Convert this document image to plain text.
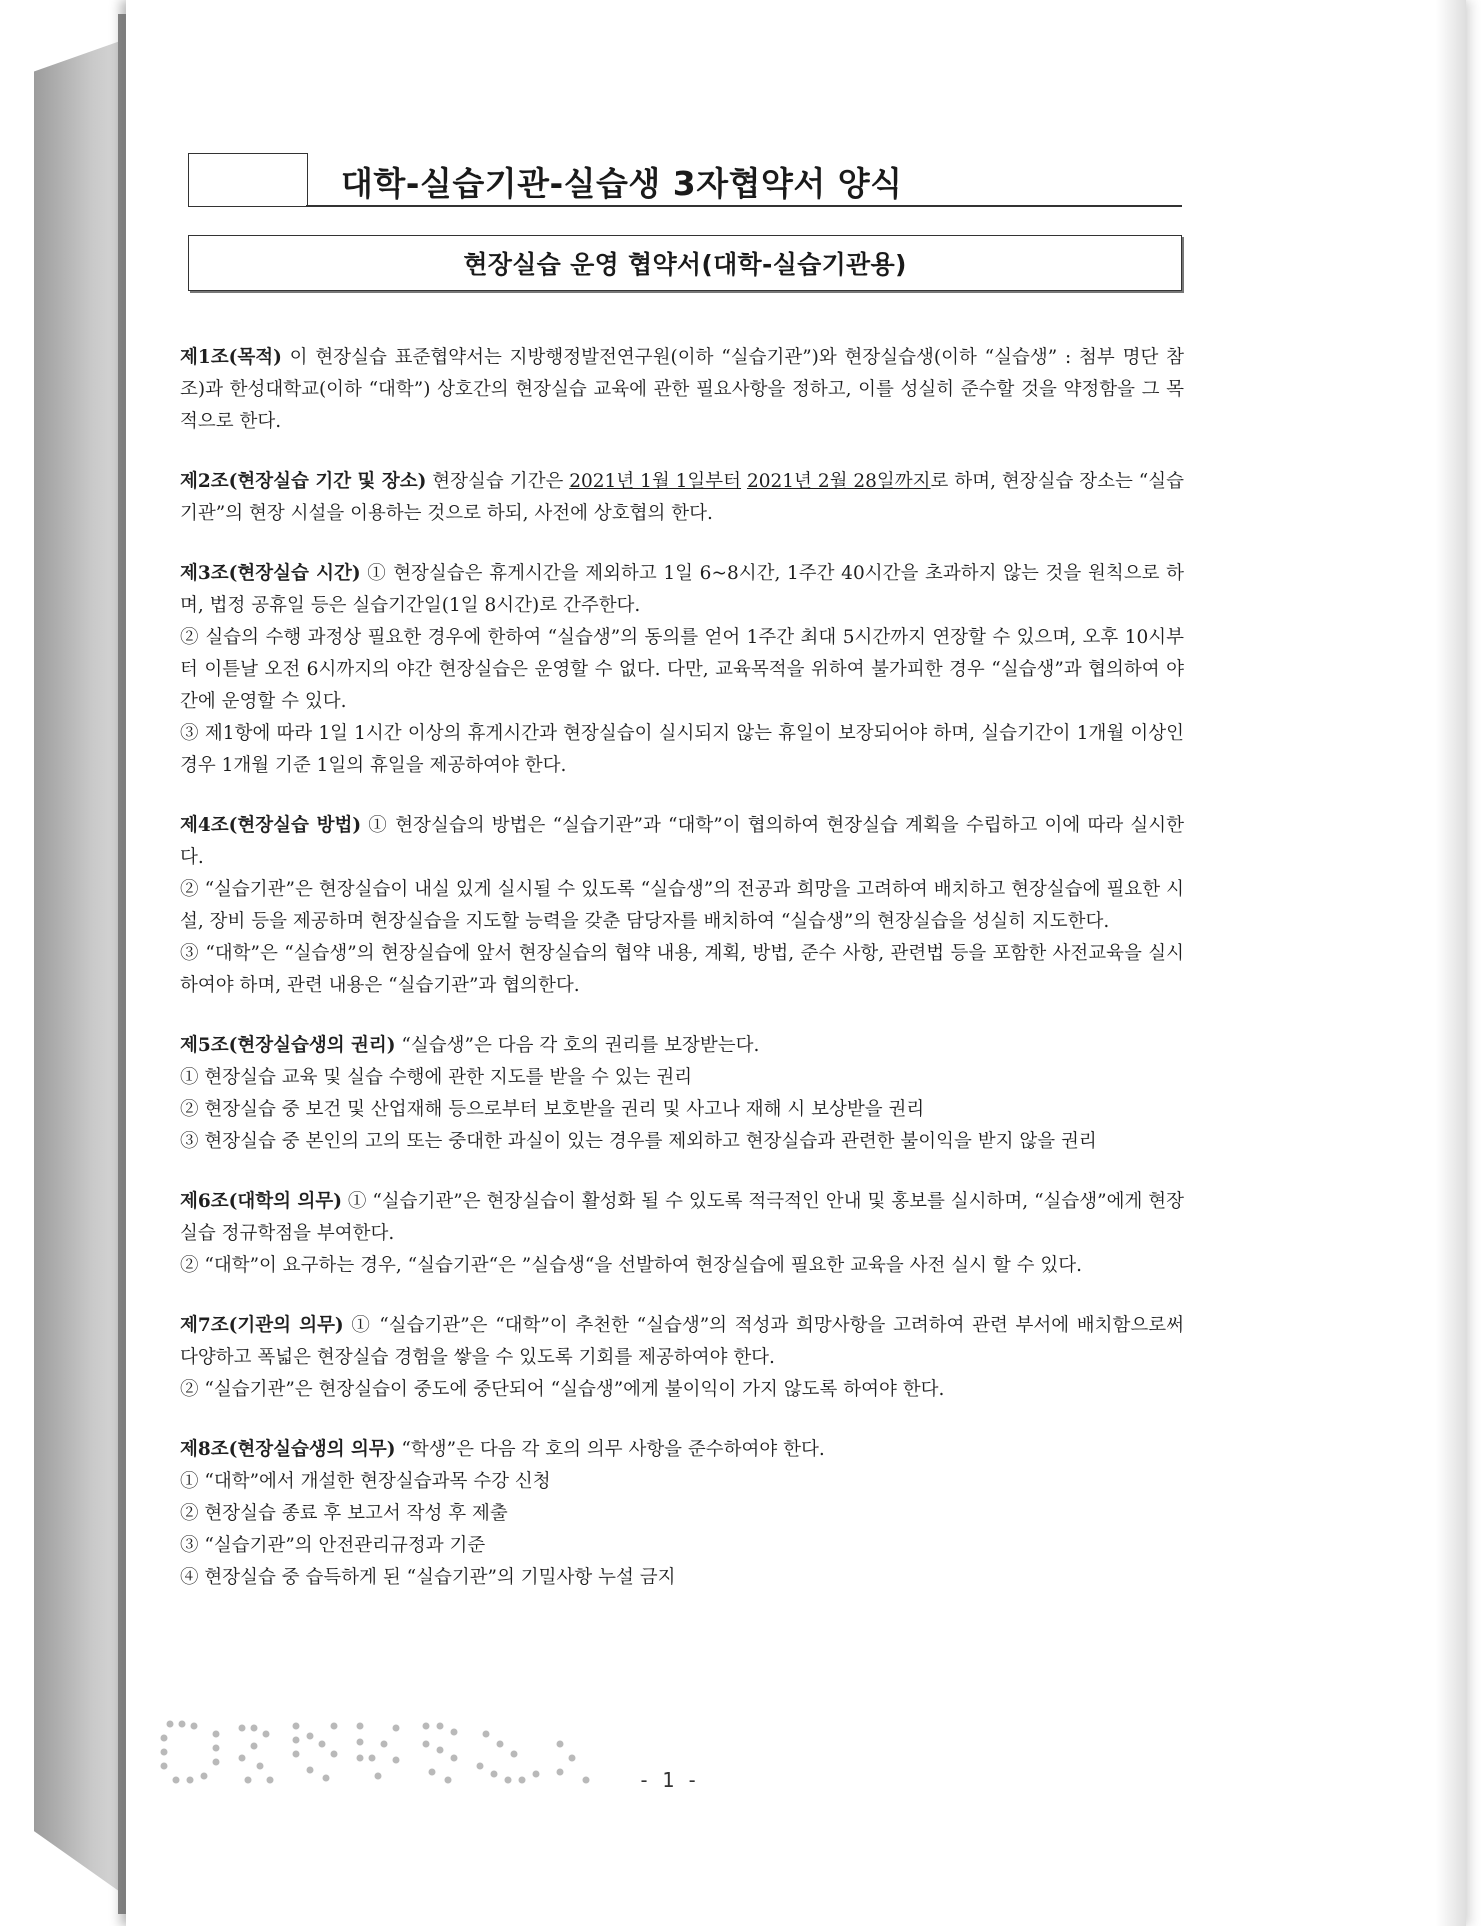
대학-실습기관-실습생 3자협약서 양식
현장실습 운영 협약서(대학-실습기관용)

제1조(목적) 이 현장실습 표준협약서는 지방행정발전연구원(이하 “실습기관”)와 현장실습생(이하 “실습생” : 첨부 명단 참조)과 한성대학교(이하 “대학”) 상호간의 현장실습 교육에 관한 필요사항을 정하고, 이를 성실히 준수할 것을 약정함을 그 목적으로 한다.

제2조(현장실습 기간 및 장소) 현장실습 기간은 2021년 1월 1일부터 2021년 2월 28일까지로 하며, 현장실습 장소는 “실습기관”의 현장 시설을 이용하는 것으로 하되, 사전에 상호협의 한다.

제3조(현장실습 시간) ① 현장실습은 휴게시간을 제외하고 1일 6~8시간, 1주간 40시간을 초과하지 않는 것을 원칙으로 하며, 법정 공휴일 등은 실습기간일(1일 8시간)로 간주한다.

② 실습의 수행 과정상 필요한 경우에 한하여 “실습생”의 동의를 얻어 1주간 최대 5시간까지 연장할 수 있으며, 오후 10시부터 이튿날 오전 6시까지의 야간 현장실습은 운영할 수 없다. 다만, 교육목적을 위하여 불가피한 경우 “실습생”과 협의하여 야간에 운영할 수 있다.

③ 제1항에 따라 1일 1시간 이상의 휴게시간과 현장실습이 실시되지 않는 휴일이 보장되어야 하며, 실습기간이 1개월 이상인 경우 1개월 기준 1일의 휴일을 제공하여야 한다.

제4조(현장실습 방법) ① 현장실습의 방법은 “실습기관”과 “대학”이 협의하여 현장실습 계획을 수립하고 이에 따라 실시한다.

② “실습기관”은 현장실습이 내실 있게 실시될 수 있도록 “실습생”의 전공과 희망을 고려하여 배치하고 현장실습에 필요한 시설, 장비 등을 제공하며 현장실습을 지도할 능력을 갖춘 담당자를 배치하여 “실습생”의 현장실습을 성실히 지도한다.

③ “대학”은 “실습생”의 현장실습에 앞서 현장실습의 협약 내용, 계획, 방법, 준수 사항, 관련법 등을 포함한 사전교육을 실시하여야 하며, 관련 내용은 “실습기관”과 협의한다.

제5조(현장실습생의 권리) “실습생”은 다음 각 호의 권리를 보장받는다.

① 현장실습 교육 및 실습 수행에 관한 지도를 받을 수 있는 권리

② 현장실습 중 보건 및 산업재해 등으로부터 보호받을 권리 및 사고나 재해 시 보상받을 권리

③ 현장실습 중 본인의 고의 또는 중대한 과실이 있는 경우를 제외하고 현장실습과 관련한 불이익을 받지 않을 권리

제6조(대학의 의무) ① “실습기관”은 현장실습이 활성화 될 수 있도록 적극적인 안내 및 홍보를 실시하며, “실습생”에게 현장실습 정규학점을 부여한다.

② “대학”이 요구하는 경우, “실습기관“은 ”실습생“을 선발하여 현장실습에 필요한 교육을 사전 실시 할 수 있다.

제7조(기관의 의무) ① “실습기관”은 “대학”이 추천한 “실습생”의 적성과 희망사항을 고려하여 관련 부서에 배치함으로써 다양하고 폭넓은 현장실습 경험을 쌓을 수 있도록 기회를 제공하여야 한다.

② “실습기관”은 현장실습이 중도에 중단되어 “실습생”에게 불이익이 가지 않도록 하여야 한다.

제8조(현장실습생의 의무) “학생”은 다음 각 호의 의무 사항을 준수하여야 한다.

① “대학”에서 개설한 현장실습과목 수강 신청

② 현장실습 종료 후 보고서 작성 후 제출

③ “실습기관”의 안전관리규정과 기준

④ 현장실습 중 습득하게 된 “실습기관”의 기밀사항 누설 금지

- 1 -
